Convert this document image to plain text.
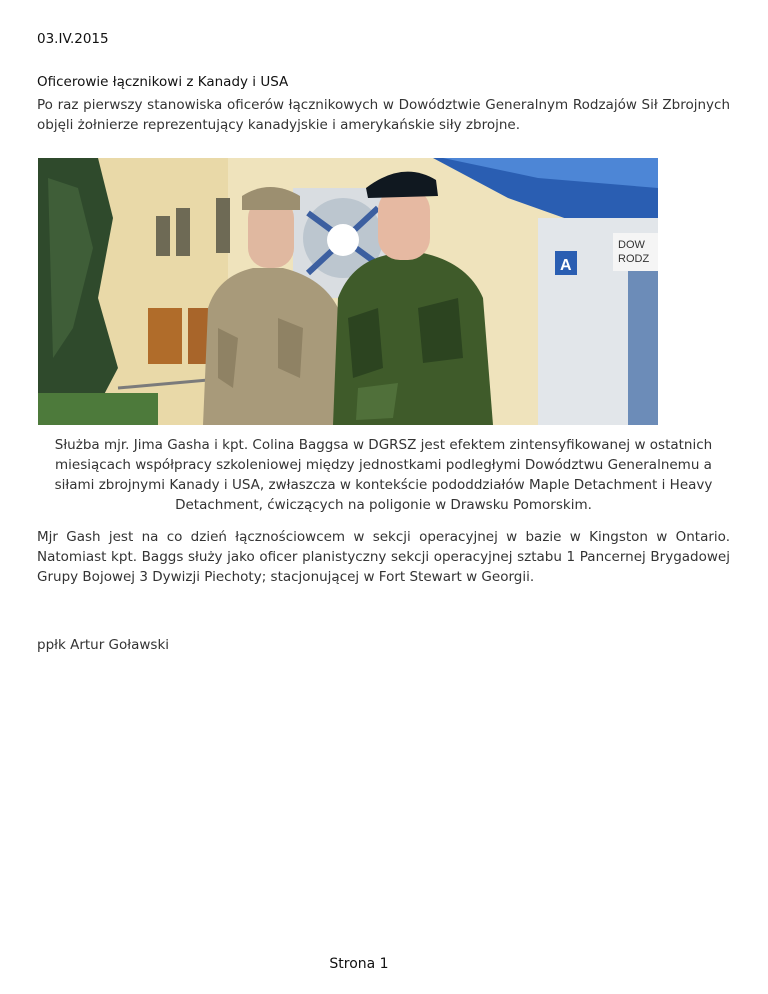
03.IV.2015
Oficerowie łącznikowi z Kanady i USA
Po raz pierwszy stanowiska oficerów łącznikowych w Dowództwie Generalnym Rodzajów Sił Zbrojnych objęli żołnierze reprezentujący kanadyjskie i amerykańskie siły zbrojne.
DOW
RODZ
A
Służba mjr. Jima Gasha i kpt. Colina Baggsa w DGRSZ jest efektem zintensyfikowanej w ostatnich miesiącach współpracy szkoleniowej między jednostkami podległymi Dowództwu Generalnemu a siłami zbrojnymi Kanady i USA, zwłaszcza w kontekście pododdziałów Maple Detachment i Heavy Detachment, ćwiczących na poligonie w Drawsku Pomorskim.
Mjr Gash jest na co dzień łącznościowcem w sekcji operacyjnej w bazie w Kingston w Ontario. Natomiast kpt. Baggs służy jako oficer planistyczny sekcji operacyjnej sztabu 1 Pancernej Brygadowej Grupy Bojowej 3 Dywizji Piechoty; stacjonującej w Fort Stewart w Georgii.
ppłk Artur Goławski
Strona 1
